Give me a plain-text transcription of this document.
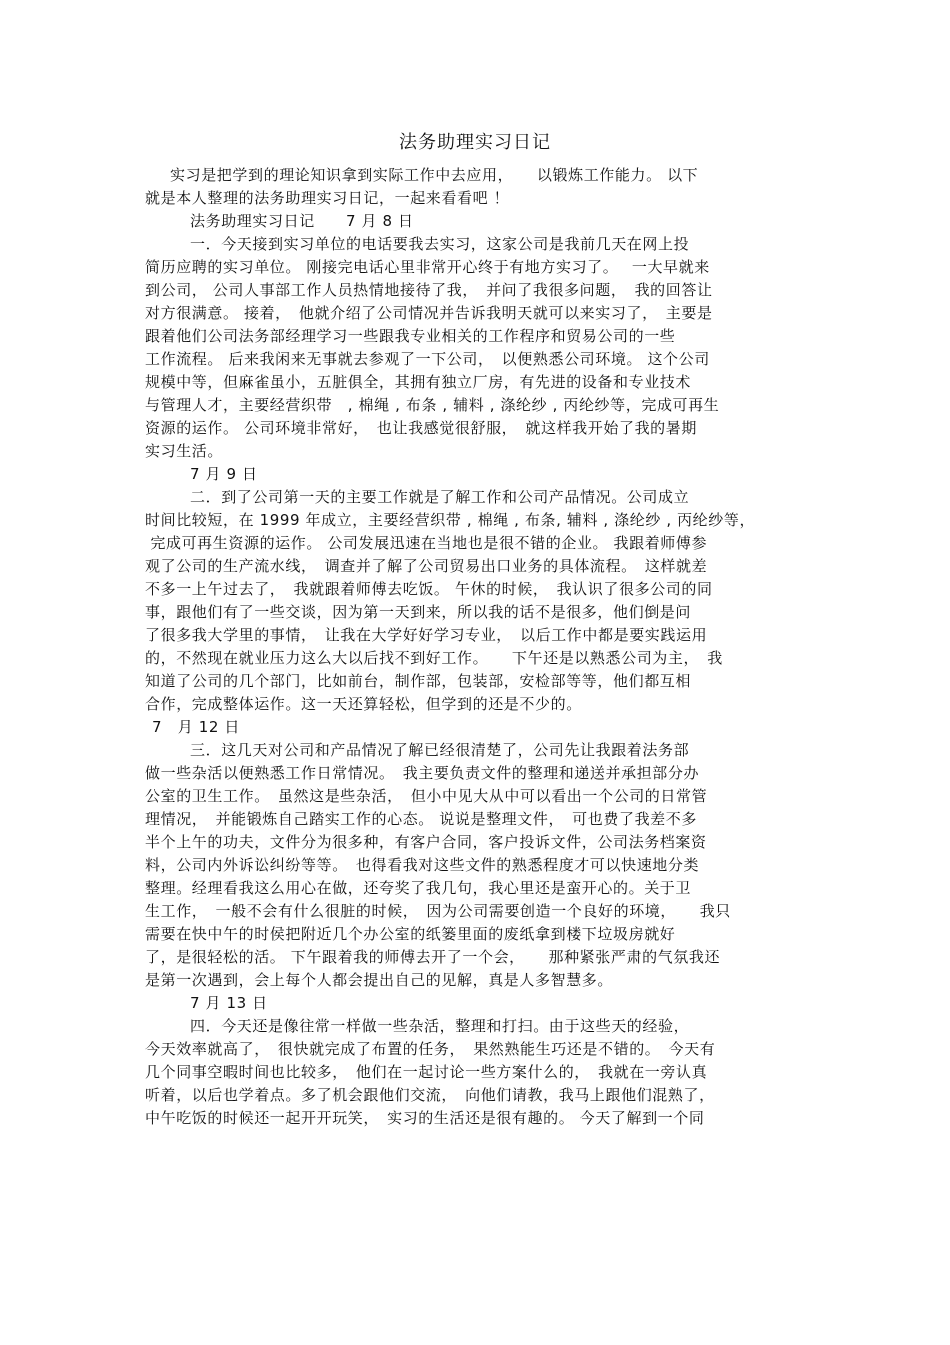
法务助理实习日记
实习是把学到的理论知识拿到实际工作中去应用，　　以锻炼工作能力。 以下
就是本人整理的法务助理实习日记，一起来看看吧 ！
法务助理实习日记　　7 月 8 日
一．今天接到实习单位的电话要我去实习，这家公司是我前几天在网上投
简历应聘的实习单位。 刚接完电话心里非常开心终于有地方实习了。　 一大早就来
到公司， 公司人事部工作人员热情地接待了我，　并问了我很多问题，　我的回答让
对方很满意。 接着，　他就介绍了公司情况并告诉我明天就可以来实习了，　主要是
跟着他们公司法务部经理学习一些跟我专业相关的工作程序和贸易公司的一些
工作流程。 后来我闲来无事就去参观了一下公司，　以便熟悉公司环境。 这个公司
规模中等，但麻雀虽小，五脏俱全，其拥有独立厂房，有先进的设备和专业技术
与管理人才，主要经营织带　, 棉绳 , 布条 , 辅料 , 涤纶纱 , 丙纶纱等，完成可再生
资源的运作。 公司环境非常好，　也让我感觉很舒服，　就这样我开始了我的暑期
实习生活。
7 月 9 日
二．到了公司第一天的主要工作就是了解工作和公司产品情况。公司成立
时间比较短，在 1999 年成立，主要经营织带 , 棉绳 , 布条, 辅料 , 涤纶纱 , 丙纶纱等，
完成可再生资源的运作。 公司发展迅速在当地也是很不错的企业。 我跟着师傅参
观了公司的生产流水线，　调查并了解了公司贸易出口业务的具体流程。　这样就差
不多一上午过去了，　我就跟着师傅去吃饭。 午休的时候，　我认识了很多公司的同
事，跟他们有了一些交谈，因为第一天到来，所以我的话不是很多，他们倒是问
了很多我大学里的事情，　让我在大学好好学习专业，　以后工作中都是要实践运用
的，不然现在就业压力这么大以后找不到好工作。　　下午还是以熟悉公司为主，　我
知道了公司的几个部门，比如前台，制作部，包装部，安检部等等，他们都互相
合作，完成整体运作。这一天还算轻松，但学到的还是不少的。
7　月 12 日
三．这几天对公司和产品情况了解已经很清楚了，公司先让我跟着法务部
做一些杂活以便熟悉工作日常情况。　我主要负责文件的整理和递送并承担部分办
公室的卫生工作。　虽然这是些杂活，　但小中见大从中可以看出一个公司的日常管
理情况，　并能锻炼自己踏实工作的心态。 说说是整理文件，　可也费了我差不多
半个上午的功夫，文件分为很多种，有客户合同，客户投诉文件，公司法务档案资
料，公司内外诉讼纠纷等等。　也得看我对这些文件的熟悉程度才可以快速地分类
整理。经理看我这么用心在做，还夸奖了我几句，我心里还是蛮开心的。关于卫
生工作，　一般不会有什么很脏的时候，　因为公司需要创造一个良好的环境，　　我只
需要在快中午的时侯把附近几个办公室的纸篓里面的废纸拿到楼下垃圾房就好
了，是很轻松的活。 下午跟着我的师傅去开了一个会，　　那种紧张严肃的气氛我还
是第一次遇到，会上每个人都会提出自己的见解，真是人多智慧多。
7 月 13 日
四．今天还是像往常一样做一些杂活，整理和打扫。由于这些天的经验，
今天效率就高了，　很快就完成了布置的任务，　果然熟能生巧还是不错的。　今天有
几个同事空暇时间也比较多，　他们在一起讨论一些方案什么的，　我就在一旁认真
听着，以后也学着点。多了机会跟他们交流，　向他们请教，我马上跟他们混熟了，
中午吃饭的时候还一起开开玩笑，　实习的生活还是很有趣的。 今天了解到一个同
